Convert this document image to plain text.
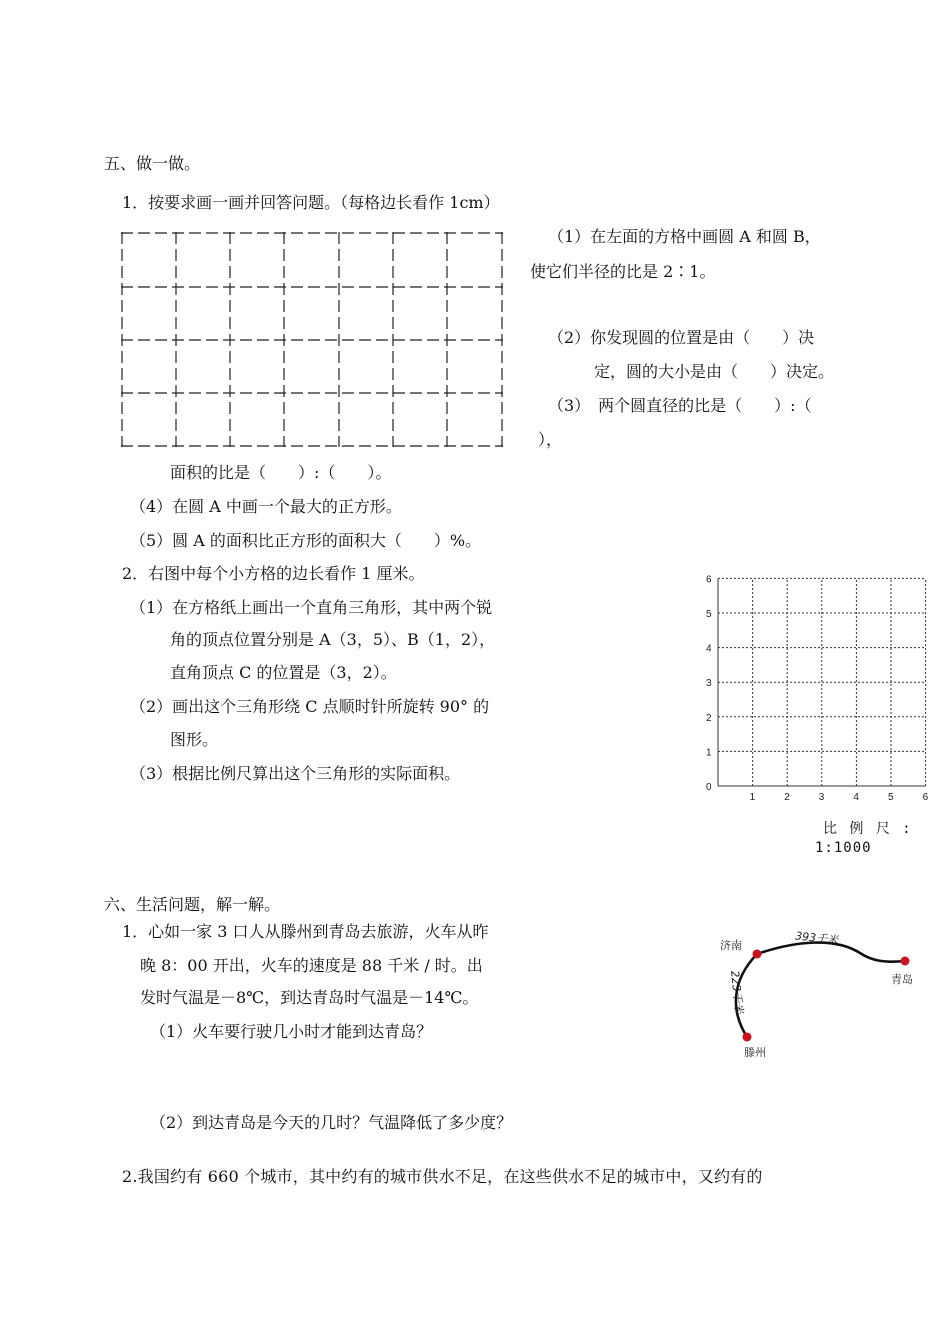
五、做一做。
1．按要求画一画并回答问题。（每格边长看作 1cm）
（1）在左面的方格中画圆 A 和圆 B，
使它们半径的比是 2∶1。
（2）你发现圆的位置是由（　　）决
定，圆的大小是由（　　）决定。
（3）　两个圆直径的比是（　　）:（
），
面积的比是（　　）:（　　）。
（4）在圆 A 中画一个最大的正方形。
（5）圆 A 的面积比正方形的面积大（　　）%。
2．右图中每个小方格的边长看作 1 厘米。
（1）在方格纸上画出一个直角三角形，其中两个锐
角的顶点位置分别是 A（3，5）、B（1，2），
直角顶点 C 的位置是（3，2）。
（2）画出这个三角形绕 C 点顺时针所旋转 90° 的
图形。
（3）根据比例尺算出这个三角形的实际面积。
1	2	3	4	5	6
0
1
2
3
4
5
6
比 例 尺 :
1:1000
六、生活问题，解一解。
1．心如一家 3 口人从滕州到青岛去旅游，火车从昨
晚 8：00 开出，火车的速度是 88 千米 / 时。出
发时气温是－8℃，到达青岛时气温是－14℃。
（1）火车要行驶几小时才能到达青岛？
（2）到达青岛是今天的几时？气温降低了多少度？
济南
青岛
滕州
393千米
223千米
2.我国约有 660 个城市，其中约有的城市供水不足，在这些供水不足的城市中，又约有的
